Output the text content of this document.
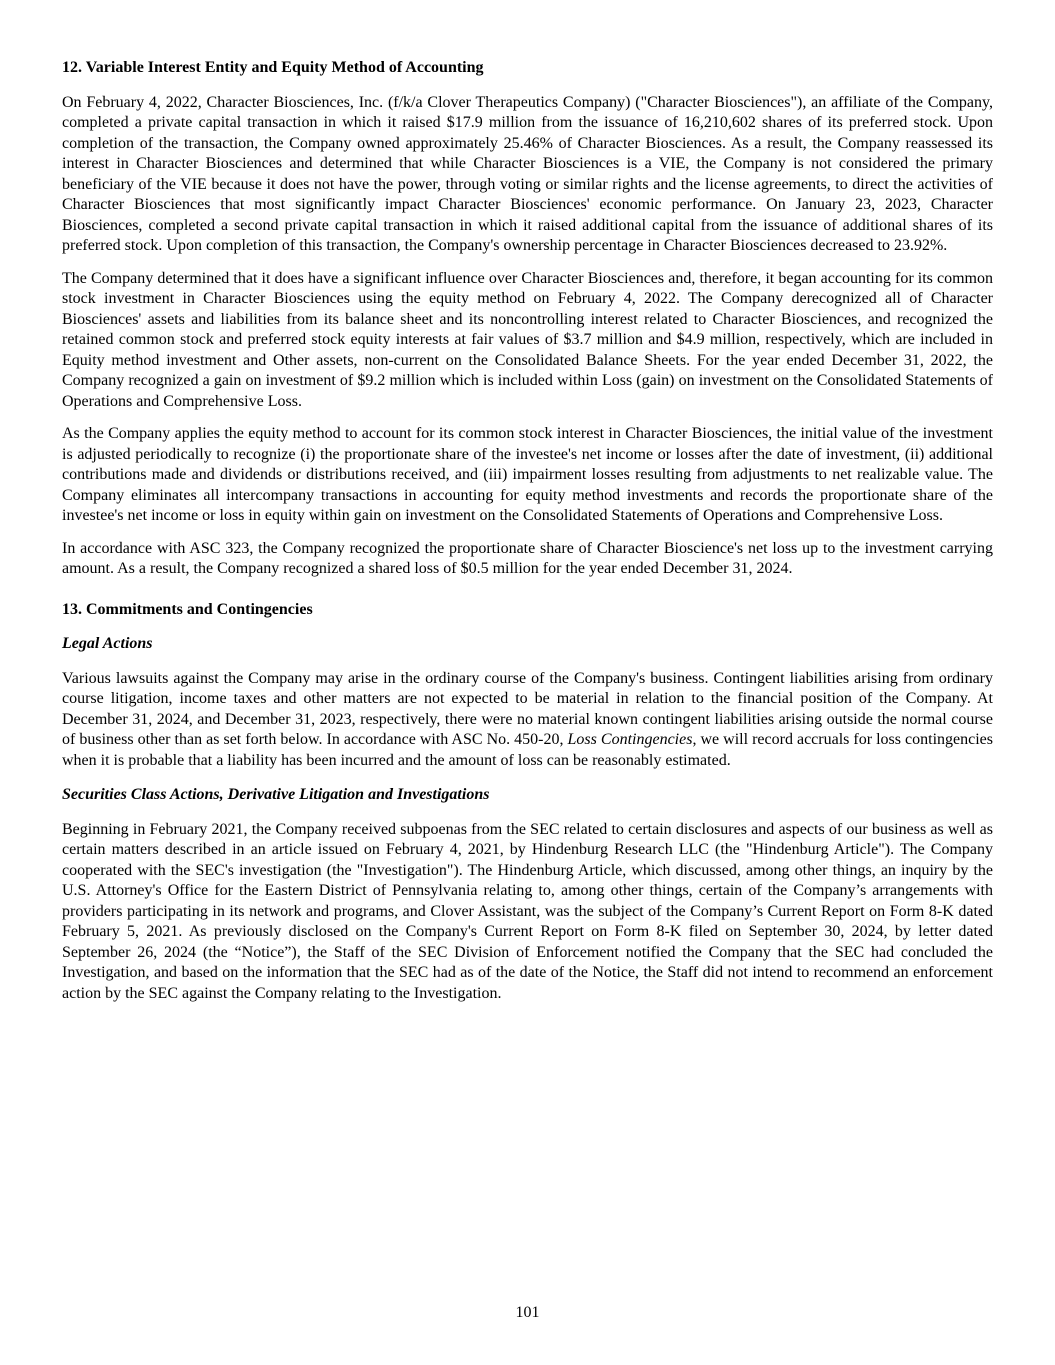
12. Variable Interest Entity and Equity Method of Accounting

On February 4, 2022, Character Biosciences, Inc. (f/k/a Clover Therapeutics Company) ("Character Biosciences"), an affiliate of the Company, completed a private capital transaction in which it raised $17.9 million from the issuance of 16,210,602 shares of its preferred stock. Upon completion of the transaction, the Company owned approximately 25.46% of Character Biosciences. As a result, the Company reassessed its interest in Character Biosciences and determined that while Character Biosciences is a VIE, the Company is not considered the primary beneficiary of the VIE because it does not have the power, through voting or similar rights and the license agreements, to direct the activities of Character Biosciences that most significantly impact Character Biosciences' economic performance. On January 23, 2023, Character Biosciences, completed a second private capital transaction in which it raised additional capital from the issuance of additional shares of its preferred stock. Upon completion of this transaction, the Company's ownership percentage in Character Biosciences decreased to 23.92%.

The Company determined that it does have a significant influence over Character Biosciences and, therefore, it began accounting for its common stock investment in Character Biosciences using the equity method on February 4, 2022. The Company derecognized all of Character Biosciences' assets and liabilities from its balance sheet and its noncontrolling interest related to Character Biosciences, and recognized the retained common stock and preferred stock equity interests at fair values of $3.7 million and $4.9 million, respectively, which are included in Equity method investment and Other assets, non-current on the Consolidated Balance Sheets. For the year ended December 31, 2022, the Company recognized a gain on investment of $9.2 million which is included within Loss (gain) on investment on the Consolidated Statements of Operations and Comprehensive Loss.

As the Company applies the equity method to account for its common stock interest in Character Biosciences, the initial value of the investment is adjusted periodically to recognize (i) the proportionate share of the investee's net income or losses after the date of investment, (ii) additional contributions made and dividends or distributions received, and (iii) impairment losses resulting from adjustments to net realizable value. The Company eliminates all intercompany transactions in accounting for equity method investments and records the proportionate share of the investee's net income or loss in equity within gain on investment on the Consolidated Statements of Operations and Comprehensive Loss.

In accordance with ASC 323, the Company recognized the proportionate share of Character Bioscience's net loss up to the investment carrying amount. As a result, the Company recognized a shared loss of $0.5 million for the year ended December 31, 2024.

13. Commitments and Contingencies
Legal Actions

Various lawsuits against the Company may arise in the ordinary course of the Company's business. Contingent liabilities arising from ordinary course litigation, income taxes and other matters are not expected to be material in relation to the financial position of the Company. At December 31, 2024, and December 31, 2023, respectively, there were no material known contingent liabilities arising outside the normal course of business other than as set forth below. In accordance with ASC No. 450-20, Loss Contingencies, we will record accruals for loss contingencies when it is probable that a liability has been incurred and the amount of loss can be reasonably estimated.

Securities Class Actions, Derivative Litigation and Investigations

Beginning in February 2021, the Company received subpoenas from the SEC related to certain disclosures and aspects of our business as well as certain matters described in an article issued on February 4, 2021, by Hindenburg Research LLC (the "Hindenburg Article"). The Company cooperated with the SEC's investigation (the "Investigation"). The Hindenburg Article, which discussed, among other things, an inquiry by the U.S. Attorney's Office for the Eastern District of Pennsylvania relating to, among other things, certain of the Company’s arrangements with providers participating in its network and programs, and Clover Assistant, was the subject of the Company’s Current Report on Form 8-K dated February 5, 2021. As previously disclosed on the Company's Current Report on Form 8-K filed on September 30, 2024, by letter dated September 26, 2024 (the “Notice”), the Staff of the SEC Division of Enforcement notified the Company that the SEC had concluded the Investigation, and based on the information that the SEC had as of the date of the Notice, the Staff did not intend to recommend an enforcement action by the SEC against the Company relating to the Investigation.

101
